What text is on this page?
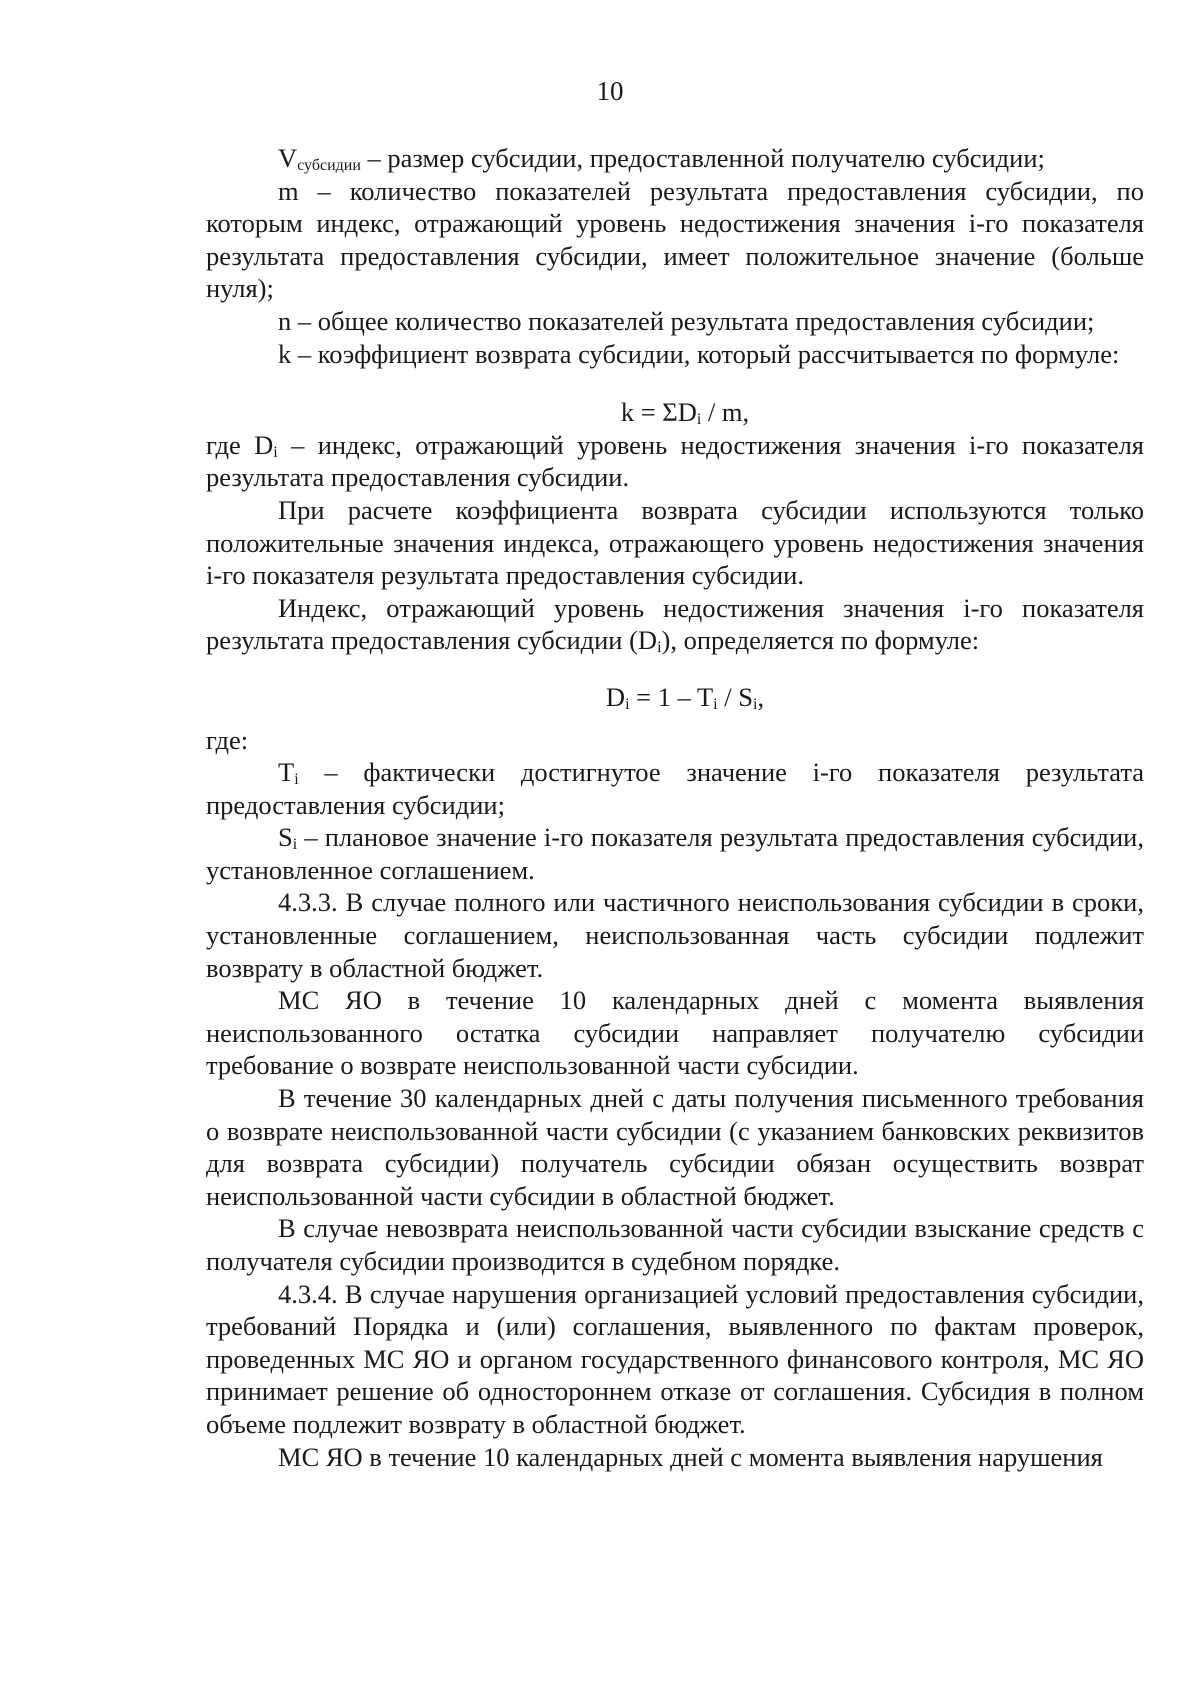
10

$V_{субсидии}$ – размер субсидии, предоставленной получателю субсидии;

m – количество показателей результата предоставления субсидии, по которым индекс, отражающий уровень недостижения значения i-го показателя результата предоставления субсидии, имеет положительное значение (больше нуля);

n – общее количество показателей результата предоставления субсидии;

k – коэффициент возврата субсидии, который рассчитывается по формуле:

$k = \Sigma D_i / m$,

где $D_i$ – индекс, отражающий уровень недостижения значения i-го показателя результата предоставления субсидии.

При расчете коэффициента возврата субсидии используются только положительные значения индекса, отражающего уровень недостижения значения i-го показателя результата предоставления субсидии.

Индекс, отражающий уровень недостижения значения i-го показателя результата предоставления субсидии $(D_i)$, определяется по формуле:

$D_i = 1 - T_i / S_i$,

где:

$T_i$ – фактически достигнутое значение i-го показателя результата предоставления субсидии;

$S_i$ – плановое значение i-го показателя результата предоставления субсидии, установленное соглашением.

4.3.3. В случае полного или частичного неиспользования субсидии в сроки, установленные соглашением, неиспользованная часть субсидии подлежит возврату в областной бюджет.

МС ЯО в течение 10 календарных дней с момента выявления неиспользованного остатка субсидии направляет получателю субсидии требование о возврате неиспользованной части субсидии.

В течение 30 календарных дней с даты получения письменного требования о возврате неиспользованной части субсидии (с указанием банковских реквизитов для возврата субсидии) получатель субсидии обязан осуществить возврат неиспользованной части субсидии в областной бюджет.

В случае невозврата неиспользованной части субсидии взыскание средств с получателя субсидии производится в судебном порядке.

4.3.4. В случае нарушения организацией условий предоставления субсидии, требований Порядка и (или) соглашения, выявленного по фактам проверок, проведенных МС ЯО и органом государственного финансового контроля, МС ЯО принимает решение об одностороннем отказе от соглашения. Субсидия в полном объеме подлежит возврату в областной бюджет.

МС ЯО в течение 10 календарных дней с момента выявления нарушения
